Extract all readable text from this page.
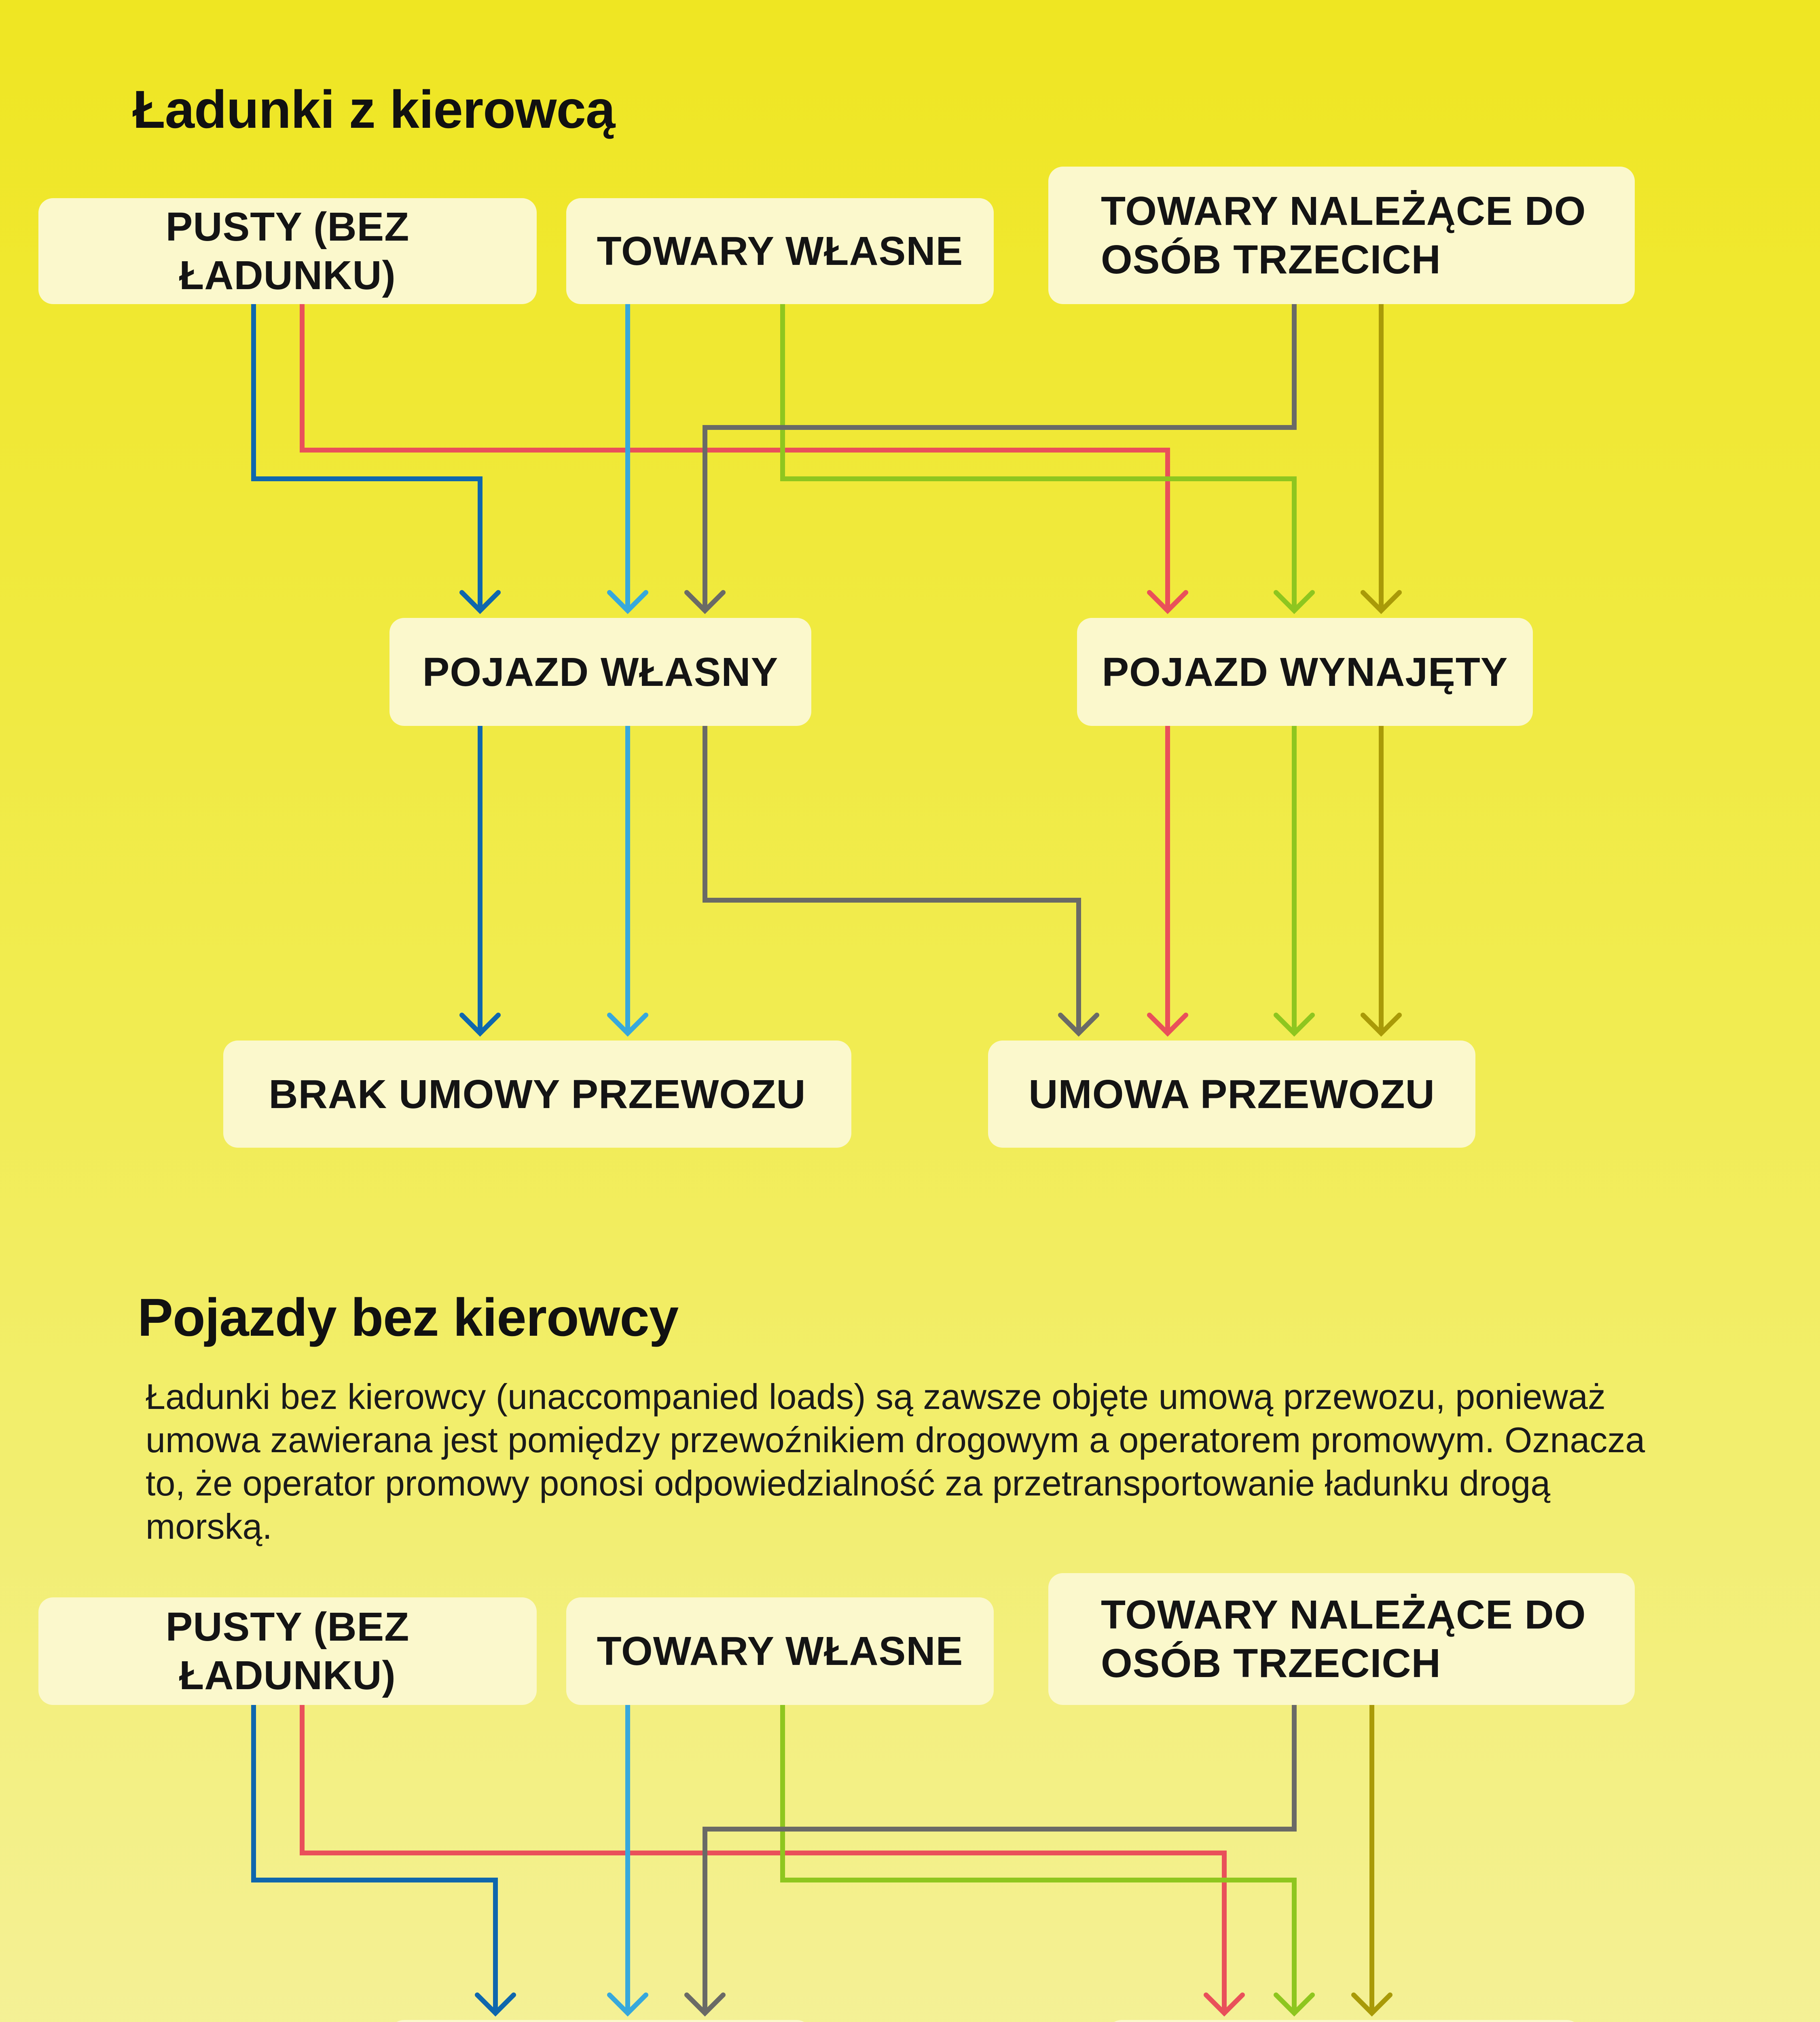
Ładunki z kierowcą
PUSTY (BEZ ŁADUNKU)
TOWARY WŁASNE
TOWARY NALEŻĄCE DO OSÓB TRZECICH
POJAZD WŁASNY	POJAZD WYNAJĘTY
BRAK UMOWY PRZEWOZU	UMOWA PRZEWOZU
Pojazdy bez kierowcy

Ładunki bez kierowcy (unaccompanied loads) są zawsze objęte umową przewozu, ponieważ umowa zawierana jest pomiędzy przewoźnikiem drogowym a operatorem promowym. Oznacza to, że operator promowy ponosi odpowiedzialność za przetransportowanie ładunku drogą morską.

PUSTY (BEZ ŁADUNKU)
TOWARY WŁASNE
TOWARY NALEŻĄCE DO OSÓB TRZECICH
